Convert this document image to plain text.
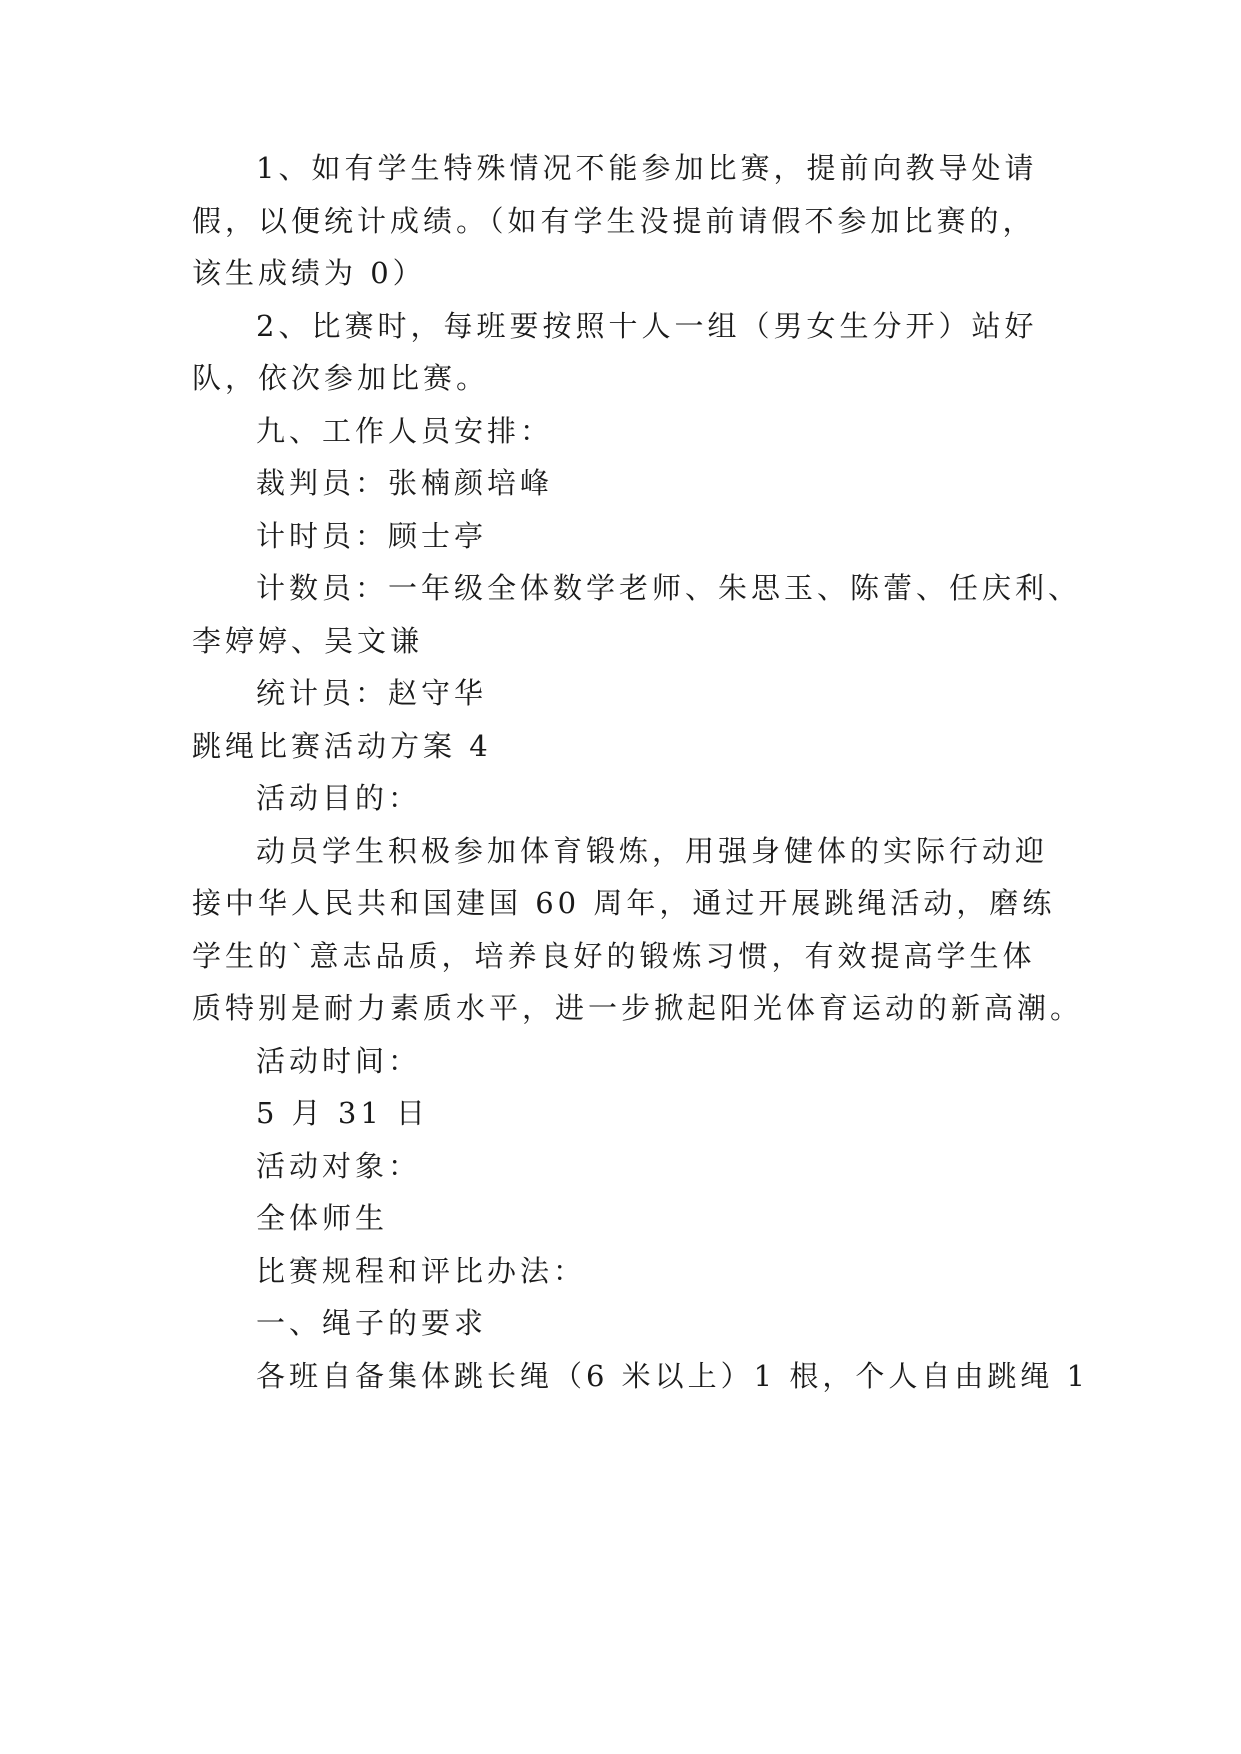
1、如有学生特殊情况不能参加比赛，提前向教导处请
假，以便统计成绩。（如有学生没提前请假不参加比赛的，
该生成绩为 0）
2、比赛时，每班要按照十人一组（男女生分开）站好
队，依次参加比赛。
九、工作人员安排：
裁判员：张楠颜培峰
计时员：顾士亭
计数员：一年级全体数学老师、朱思玉、陈蕾、任庆利、
李婷婷、吴文谦
统计员：赵守华
跳绳比赛活动方案 4
活动目的：
动员学生积极参加体育锻炼，用强身健体的实际行动迎
接中华人民共和国建国 60 周年，通过开展跳绳活动，磨练
学生的`意志品质，培养良好的锻炼习惯，有效提高学生体
质特别是耐力素质水平，进一步掀起阳光体育运动的新高潮。
活动时间：
5 月 31 日
活动对象：
全体师生
比赛规程和评比办法：
一、绳子的要求
各班自备集体跳长绳（6 米以上）1 根，个人自由跳绳 1
